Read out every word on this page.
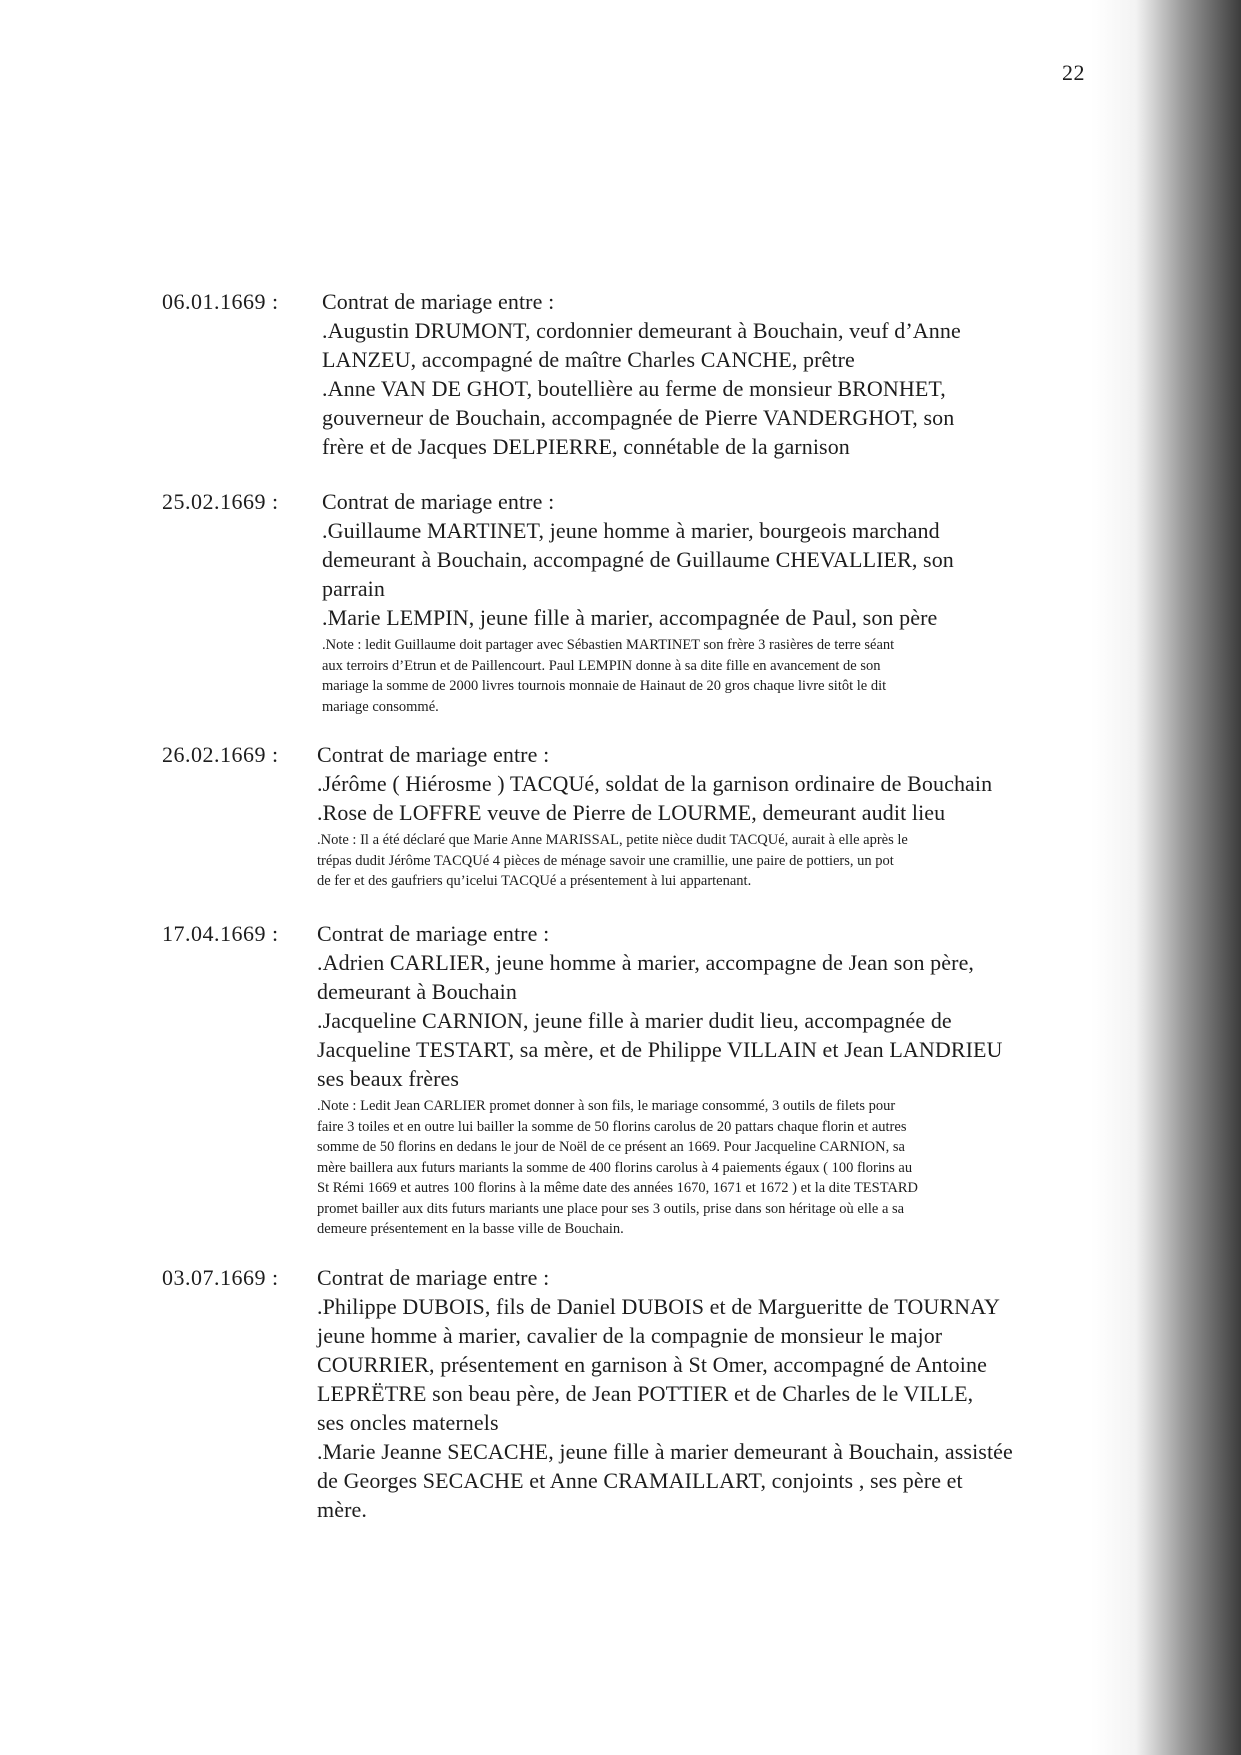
22
06.01.1669 : Contrat de mariage entre :
.Augustin DRUMONT, cordonnier demeurant à Bouchain, veuf d’Anne
LANZEU, accompagné de maître Charles CANCHE, prêtre
.Anne VAN DE GHOT, boutellière au ferme de monsieur BRONHET,
gouverneur de Bouchain, accompagnée de Pierre VANDERGHOT, son
frère et de Jacques DELPIERRE, connétable de la garnison
25.02.1669 : Contrat de mariage entre :
.Guillaume MARTINET, jeune homme à marier, bourgeois marchand
demeurant à Bouchain, accompagné de Guillaume CHEVALLIER, son
parrain
.Marie LEMPIN, jeune fille à marier, accompagnée de Paul, son père
.Note : ledit Guillaume doit partager avec Sébastien MARTINET son frère 3 rasières de terre séant
aux terroirs d’Etrun et de Paillencourt. Paul LEMPIN donne à sa dite fille en avancement de son
mariage la somme de 2000 livres tournois monnaie de Hainaut de 20 gros chaque livre sitôt le dit
mariage consommé.
26.02.1669 : Contrat de mariage entre :
.Jérôme ( Hiérosme ) TACQUé, soldat de la garnison ordinaire de Bouchain
.Rose de LOFFRE veuve de Pierre de LOURME, demeurant audit lieu
.Note : Il a été déclaré que Marie Anne MARISSAL, petite nièce dudit TACQUé, aurait à elle après le
trépas dudit Jérôme TACQUé 4 pièces de ménage savoir une cramillie, une paire de pottiers, un pot
de fer et des gaufriers qu’icelui TACQUé a présentement à lui appartenant.
17.04.1669 : Contrat de mariage entre :
.Adrien CARLIER, jeune homme à marier, accompagne de Jean son père,
demeurant à Bouchain
.Jacqueline CARNION, jeune fille à marier dudit lieu, accompagnée de
Jacqueline TESTART, sa mère, et de Philippe VILLAIN et Jean LANDRIEU
ses beaux frères
.Note : Ledit Jean CARLIER promet donner à son fils, le mariage consommé, 3 outils de filets pour
faire 3 toiles et en outre lui bailler la somme de 50 florins carolus de 20 pattars chaque florin et autres
somme de 50 florins en dedans le jour de Noël de ce présent an 1669. Pour Jacqueline CARNION, sa
mère baillera aux futurs mariants la somme de 400 florins carolus à 4 paiements égaux ( 100 florins au
St Rémi 1669 et autres 100 florins à la même date des années 1670, 1671 et 1672 ) et la dite TESTARD
promet bailler aux dits futurs mariants une place pour ses 3 outils, prise dans son héritage où elle a sa
demeure présentement en la basse ville de Bouchain.
03.07.1669 : Contrat de mariage entre :
.Philippe DUBOIS, fils de Daniel DUBOIS et de Margueritte de TOURNAY
jeune homme à marier, cavalier de la compagnie de monsieur le major
COURRIER, présentement en garnison à St Omer, accompagné de Antoine
LEPRËTRE son beau père, de Jean POTTIER et de Charles de le VILLE,
ses oncles maternels
.Marie Jeanne SECACHE, jeune fille à marier demeurant à Bouchain, assistée
de Georges SECACHE et Anne CRAMAILLART, conjoints , ses père et
mère.
